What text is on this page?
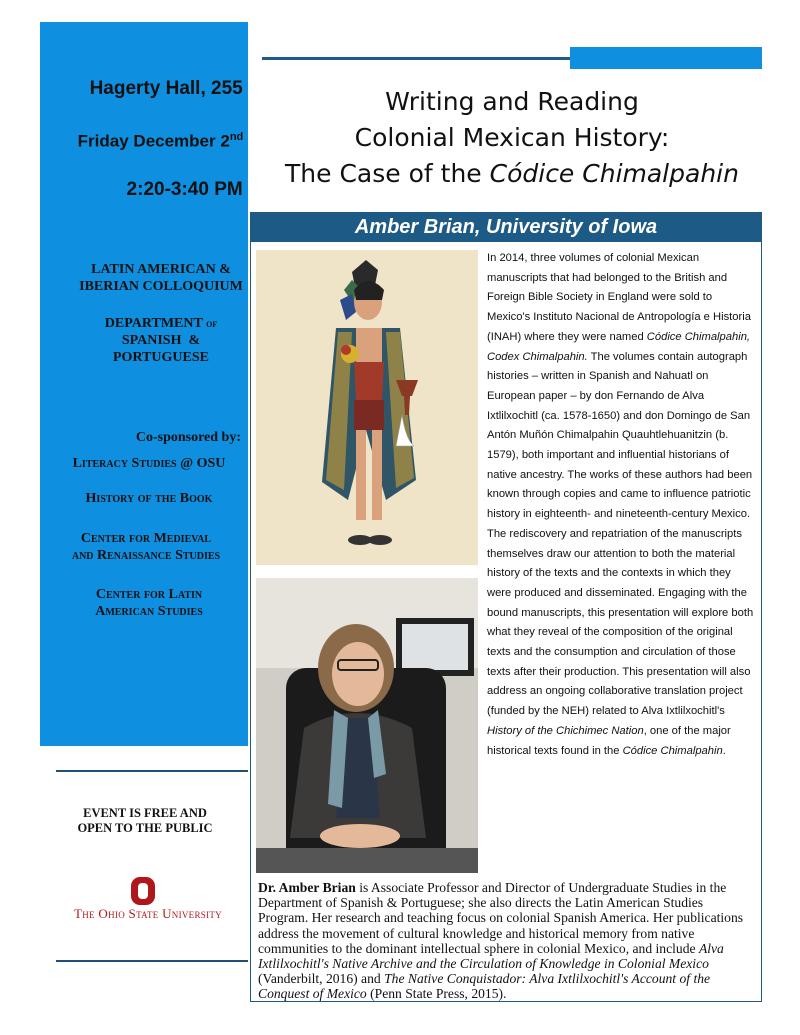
Hagerty Hall, 255
Friday December 2nd
2:20-3:40 PM
LATIN AMERICAN &
IBERIAN COLLOQUIUM
DEPARTMENT of
SPANISH  &
PORTUGUESE
Co-sponsored by:
Literacy Studies @ OSU
History of the Book
Center for Medieval
and Renaissance Studies
Center for Latin
American Studies
Writing and Reading
Colonial Mexican History:
The Case of the Códice Chimalpahin
Amber Brian, University of Iowa
In 2014, three volumes of colonial Mexican manuscripts that had belonged to the British and Foreign Bible Society in England were sold to Mexico's Instituto Nacional de Antropología e Historia (INAH) where they were named Códice Chimalpahin, Codex Chimalpahin. The volumes contain autograph histories – written in Spanish and Nahuatl on European paper – by don Fernando de Alva Ixtlilxochitl (ca. 1578-1650) and don Domingo de San Antón Muñón Chimalpahin Quauhtlehuanitzin (b. 1579), both important and influential historians of native ancestry. The works of these authors had been known through copies and came to influence patriotic history in eighteenth- and nineteenth-century Mexico. The rediscovery and repatriation of the manuscripts themselves draw our attention to both the material history of the texts and the contexts in which they were produced and disseminated. Engaging with the bound manuscripts, this presentation will explore both what they reveal of the composition of the original texts and the consumption and circulation of those texts after their production. This presentation will also address an ongoing collaborative translation project (funded by the NEH) related to Alva Ixtlilxochitl's History of the Chichimec Nation, one of the major historical texts found in the Códice Chimalpahin.
Dr. Amber Brian is Associate Professor and Director of Undergraduate Studies in the Department of Spanish & Portuguese; she also directs the Latin American Studies Program. Her research and teaching focus on colonial Spanish America. Her publications address the movement of cultural knowledge and historical memory from native communities to the dominant intellectual sphere in colonial Mexico, and include Alva Ixtlilxochitl's Native Archive and the Circulation of Knowledge in Colonial Mexico (Vanderbilt, 2016) and The Native Conquistador: Alva Ixtlilxochitl's Account of the Conquest of Mexico (Penn State Press, 2015).
EVENT IS FREE AND
OPEN TO THE PUBLIC
The Ohio State University
